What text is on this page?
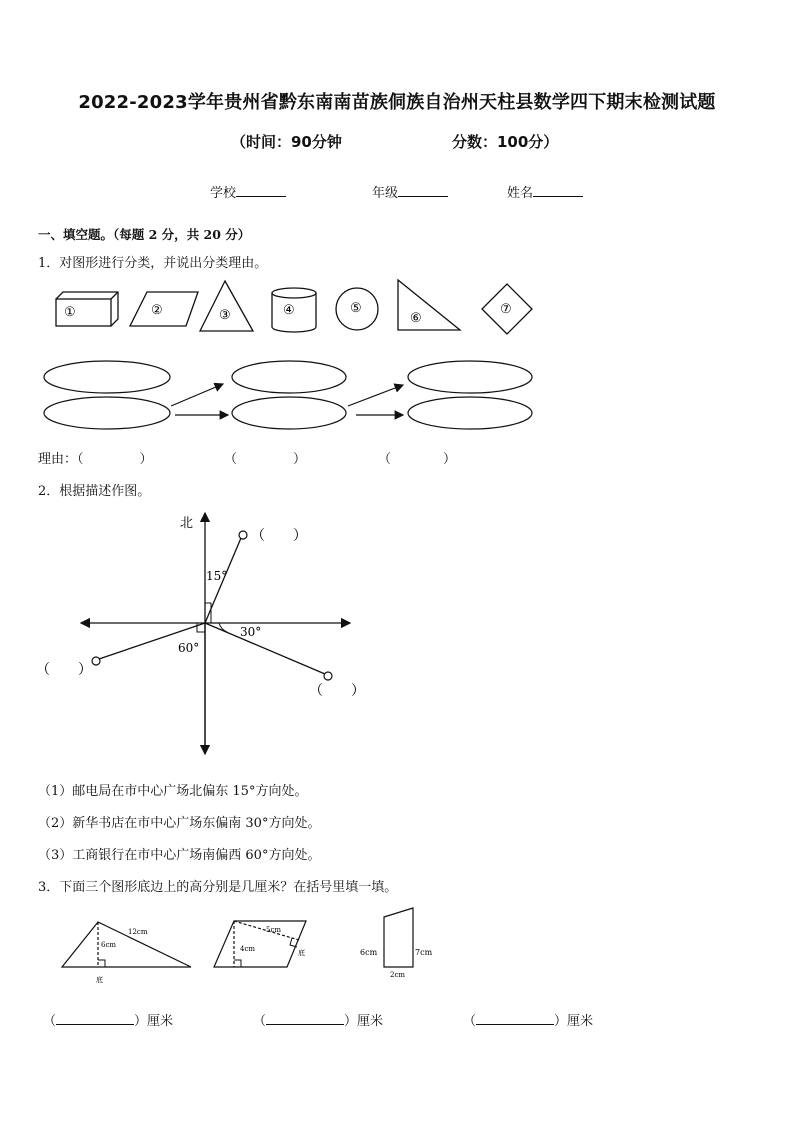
2022-2023学年贵州省黔东南南苗族侗族自治州天柱县数学四下期末检测试题
（时间：90分钟	分数：100分）
学校	年级	姓名
一、填空题。（每题 2 分，共 20 分）
1．对图形进行分类，并说出分类理由。
①	②	③	④	⑤
⑥
⑦
北
15°
30°
60°
（　　）
（　　）
（　　）
12cm
6cm
底
5cm
4cm	底	6cm	7cm
2cm
理由：（	）	（	）	（	）
2．根据描述作图。
（1）邮电局在市中心广场北偏东 15°方向处。
（2）新华书店在市中心广场东偏南 30°方向处。
（3）工商银行在市中心广场南偏西 60°方向处。
3．下面三个图形底边上的高分别是几厘米？在括号里填一填。
（	）厘米	（	）厘米	（	）厘米
